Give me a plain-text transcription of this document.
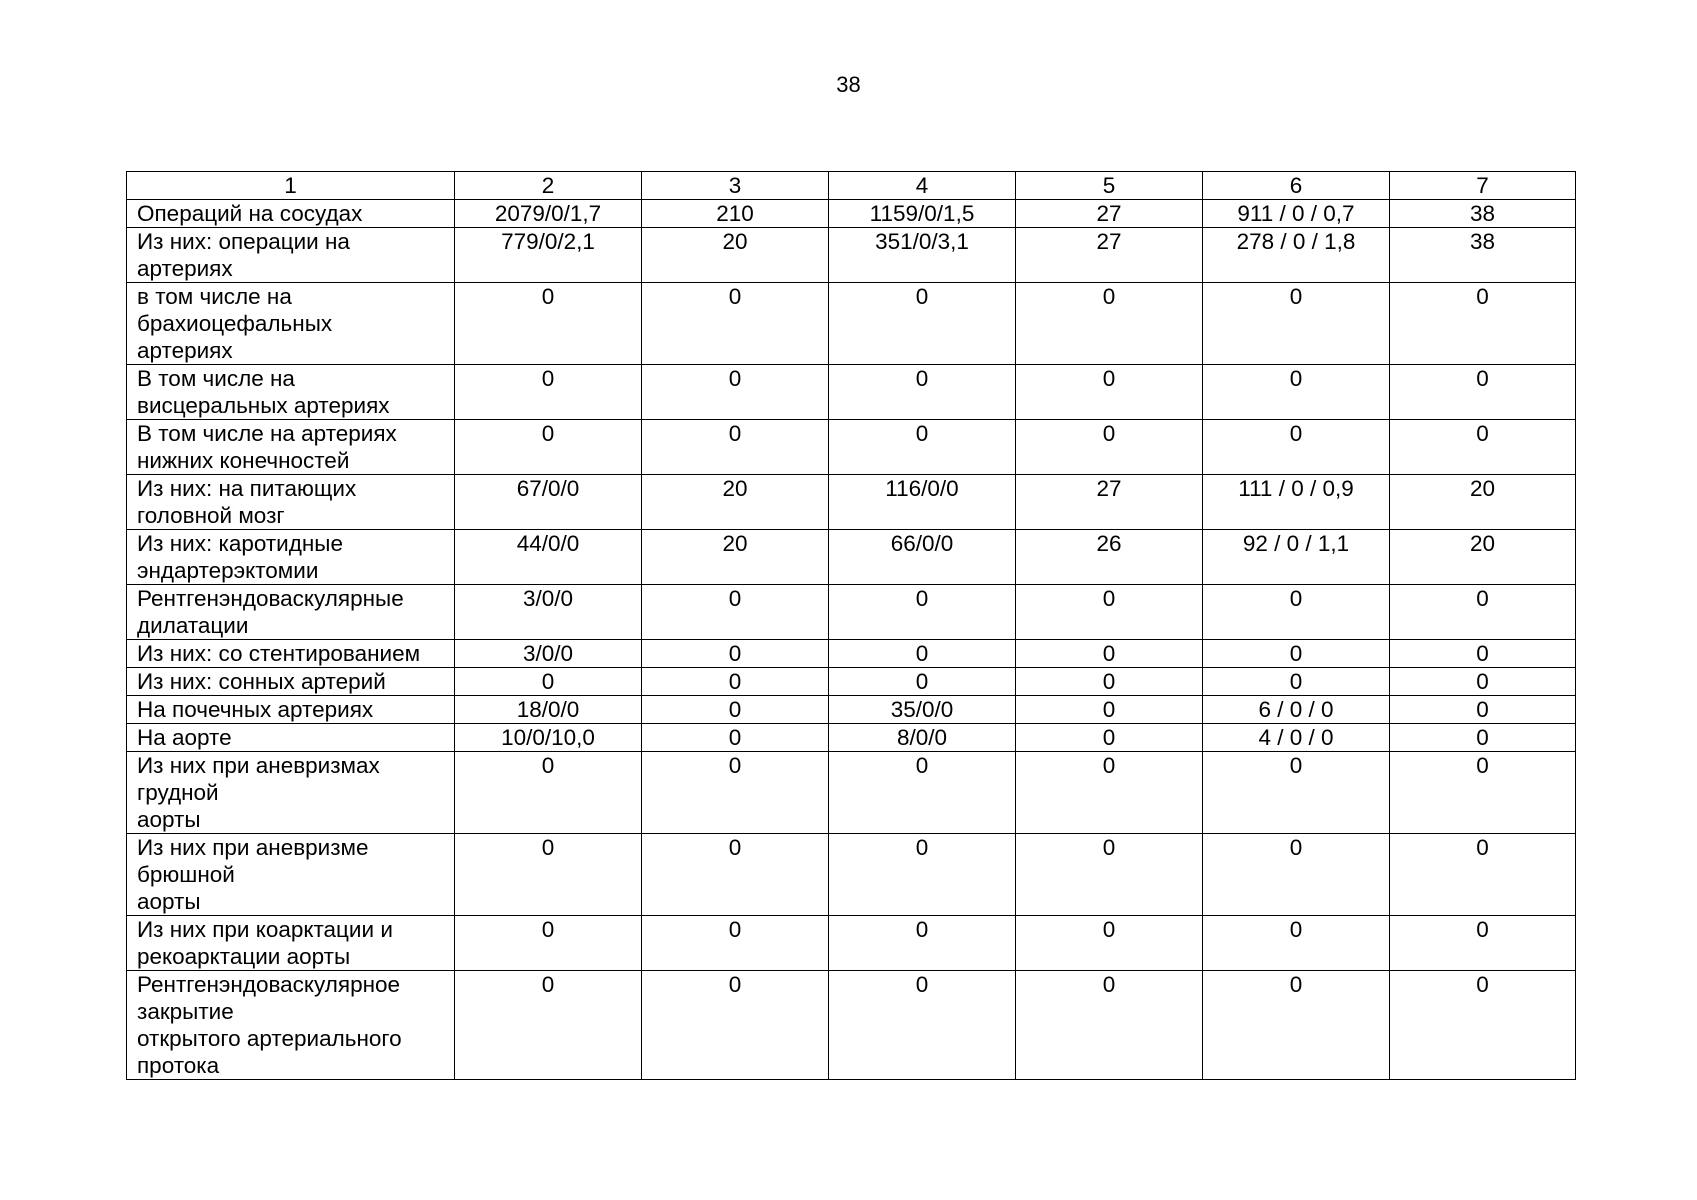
38
1	2	3	4	5	6	7
Операций на сосудах	2079/0/1,7	210	1159/0/1,5	27	911 / 0 / 0,7	38
Из них: операции на
артериях	779/0/2,1	20	351/0/3,1	27	278 / 0 / 1,8	38
в том числе на
брахиоцефальных
артериях	0	0	0	0	0	0
В том числе на
висцеральных артериях	0	0	0	0	0	0
В том числе на артериях
нижних конечностей	0	0	0	0	0	0
Из них: на питающих
головной мозг	67/0/0	20	116/0/0	27	111 / 0 / 0,9	20
Из них: каротидные
эндартерэктомии	44/0/0	20	66/0/0	26	92 / 0 / 1,1	20
Рентгенэндоваскулярные
дилатации	3/0/0	0	0	0	0	0
Из них: со стентированием	3/0/0	0	0	0	0	0
Из них: сонных артерий	0	0	0	0	0	0
На почечных артериях	18/0/0	0	35/0/0	0	6 / 0 / 0	0
На аорте	10/0/10,0	0	8/0/0	0	4 / 0 / 0	0
Из них при аневризмах
грудной
аорты	0	0	0	0	0	0
Из них при аневризме
брюшной
аорты	0	0	0	0	0	0
Из них при коарктации и
рекоарктации аорты	0	0	0	0	0	0
Рентгенэндоваскулярное
закрытие
открытого артериального
протока	0	0	0	0	0	0
